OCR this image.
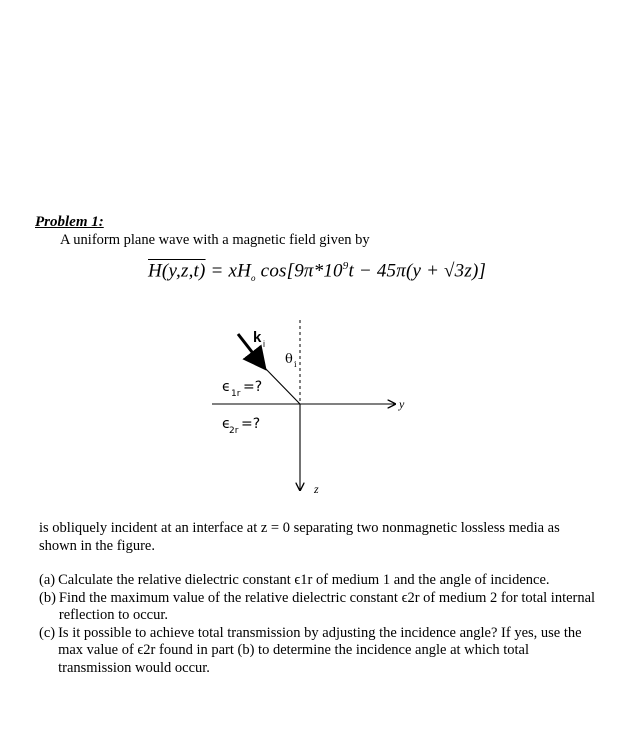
Problem 1:
A uniform plane wave with a magnetic field given by
$H(y,z,t) = xH_o$ $\cos[9\pi*10^9t - 45\pi(y + √3z)]$
k i
θ i
ϵ 1r =?
ϵ
2r =?
y
z
is obliquely incident at an interface at z = 0 separating two nonmagnetic lossless media as shown in the figure.
(a) Calculate the relative dielectric constant ϵ1r of medium 1 and the angle of incidence.
(b) Find the maximum value of the relative dielectric constant ϵ2r of medium 2 for total internal reflection to occur.
(c) Is it possible to achieve total transmission by adjusting the incidence angle? If yes, use the max value of ϵ2r found in part (b) to determine the incidence angle at which total transmission would occur.
